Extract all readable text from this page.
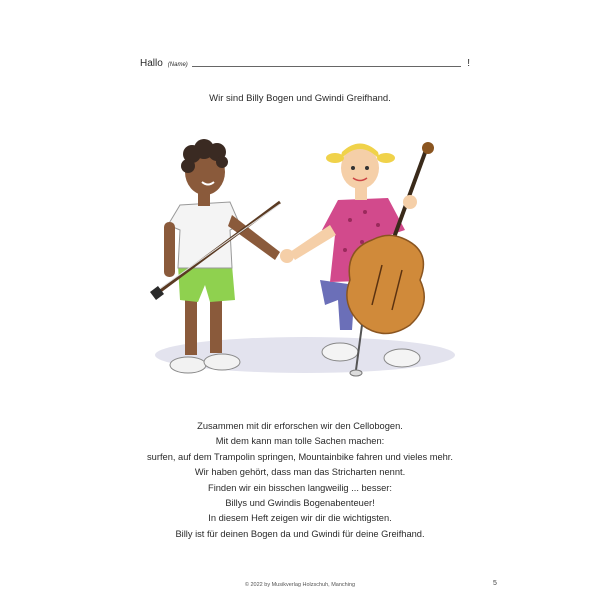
Hallo (Name)	!
Wir sind Billy Bogen und Gwindi Greifhand.
Zusammen mit dir erforschen wir den Cellobogen.
Mit dem kann man tolle Sachen machen:
surfen, auf dem Trampolin springen, Mountainbike fahren und vieles mehr.
Wir haben gehört, dass man das Stricharten nennt.
Finden wir ein bisschen langweilig ... besser:
Billys und Gwindis Bogenabenteuer!
In diesem Heft zeigen wir dir die wichtigsten.
Billy ist für deinen Bogen da und Gwindi für deine Greifhand.
© 2022 by Musikverlag Holzschuh, Manching	5
